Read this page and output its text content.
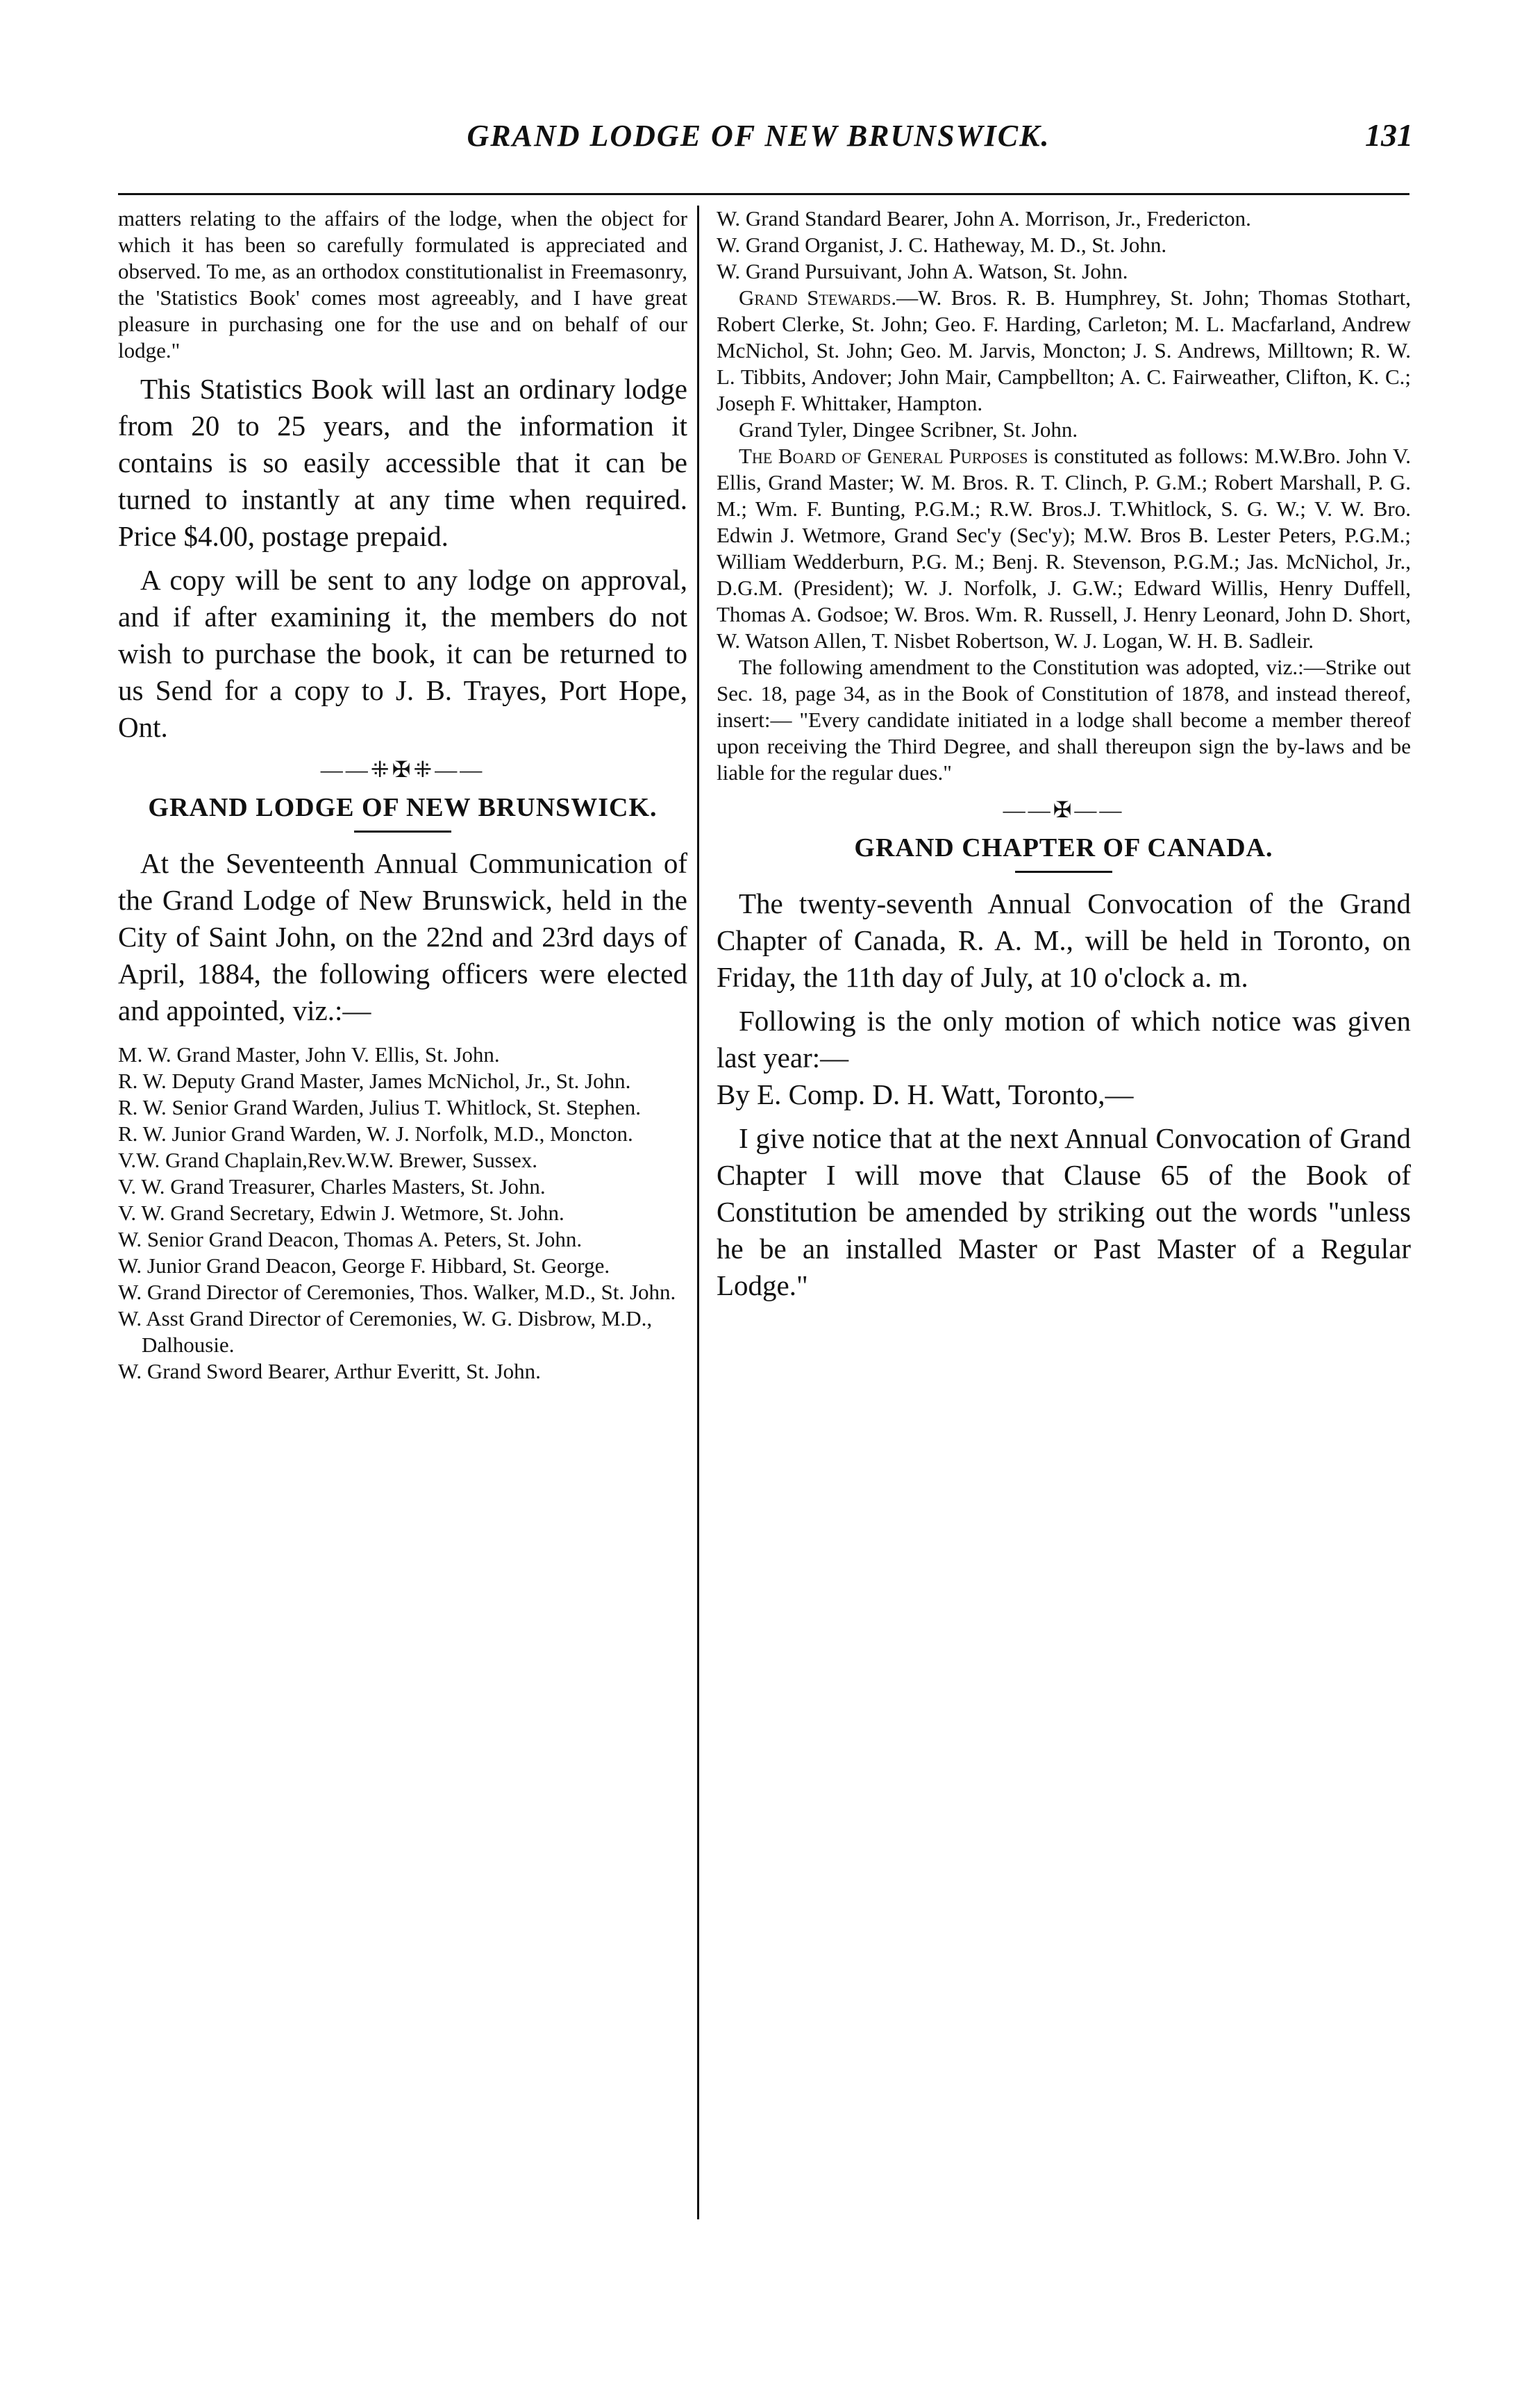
GRAND LODGE OF NEW BRUNSWICK.	131

matters relating to the affairs of the lodge, when the object for which it has been so carefully formulated is appreciated and observed. To me, as an orthodox constitutionalist in Freemasonry, the 'Statistics Book' comes most agreeably, and I have great pleasure in purchasing one for the use and on behalf of our lodge."

This Statistics Book will last an ordinary lodge from 20 to 25 years, and the information it contains is so easily accessible that it can be turned to instantly at any time when required. Price $4.00, postage prepaid.

A copy will be sent to any lodge on approval, and if after examining it, the members do not wish to purchase the book, it can be returned to us Send for a copy to J. B. Trayes, Port Hope, Ont.

——⁜✠⁜——
GRAND LODGE OF NEW BRUNSWICK.

At the Seventeenth Annual Communication of the Grand Lodge of New Brunswick, held in the City of Saint John, on the 22nd and 23rd days of April, 1884, the following officers were elected and appointed, viz.:—

M. W. Grand Master, John V. Ellis, St. John.

R. W. Deputy Grand Master, James McNichol, Jr., St. John.

R. W. Senior Grand Warden, Julius T. Whitlock, St. Stephen.

R. W. Junior Grand Warden, W. J. Norfolk, M.D., Moncton.

V.W. Grand Chaplain,Rev.W.W. Brewer, Sussex.

V. W. Grand Treasurer, Charles Masters, St. John.

V. W. Grand Secretary, Edwin J. Wetmore, St. John.

W. Senior Grand Deacon, Thomas A. Peters, St. John.

W. Junior Grand Deacon, George F. Hibbard, St. George.

W. Grand Director of Ceremonies, Thos. Walker, M.D., St. John.

W. Asst Grand Director of Ceremonies, W. G. Disbrow, M.D., Dalhousie.

W. Grand Sword Bearer, Arthur Everitt, St. John.

W. Grand Standard Bearer, John A. Morrison, Jr., Fredericton.

W. Grand Organist, J. C. Hatheway, M. D., St. John.

W. Grand Pursuivant, John A. Watson, St. John.

Grand Stewards.—W. Bros. R. B. Humphrey, St. John; Thomas Stothart, Robert Clerke, St. John; Geo. F. Harding, Carleton; M. L. Macfarland, Andrew McNichol, St. John; Geo. M. Jarvis, Moncton; J. S. Andrews, Milltown; R. W. L. Tibbits, Andover; John Mair, Campbellton; A. C. Fairweather, Clifton, K. C.; Joseph F. Whittaker, Hampton.

Grand Tyler, Dingee Scribner, St. John.

The Board of General Purposes is constituted as follows: M.W.Bro. John V. Ellis, Grand Master; W. M. Bros. R. T. Clinch, P. G.M.; Robert Marshall, P. G. M.; Wm. F. Bunting, P.G.M.; R.W. Bros.J. T.Whitlock, S. G. W.; V. W. Bro. Edwin J. Wetmore, Grand Sec'y (Sec'y); M.W. Bros B. Lester Peters, P.G.M.; William Wedderburn, P.G. M.; Benj. R. Stevenson, P.G.M.; Jas. McNichol, Jr., D.G.M. (President); W. J. Norfolk, J. G.W.; Edward Willis, Henry Duffell, Thomas A. Godsoe; W. Bros. Wm. R. Russell, J. Henry Leonard, John D. Short, W. Watson Allen, T. Nisbet Robertson, W. J. Logan, W. H. B. Sadleir.

The following amendment to the Constitution was adopted, viz.:—Strike out Sec. 18, page 34, as in the Book of Constitution of 1878, and instead thereof, insert:— "Every candidate initiated in a lodge shall become a member thereof upon receiving the Third Degree, and shall thereupon sign the by-laws and be liable for the regular dues."

——✠——
GRAND CHAPTER OF CANADA.

The twenty-seventh Annual Convocation of the Grand Chapter of Canada, R. A. M., will be held in Toronto, on Friday, the 11th day of July, at 10 o'clock a. m.

Following is the only motion of which notice was given last year:—

By E. Comp. D. H. Watt, Toronto,—

I give notice that at the next Annual Convocation of Grand Chapter I will move that Clause 65 of the Book of Constitution be amended by striking out the words "unless he be an installed Master or Past Master of a Regular Lodge."
